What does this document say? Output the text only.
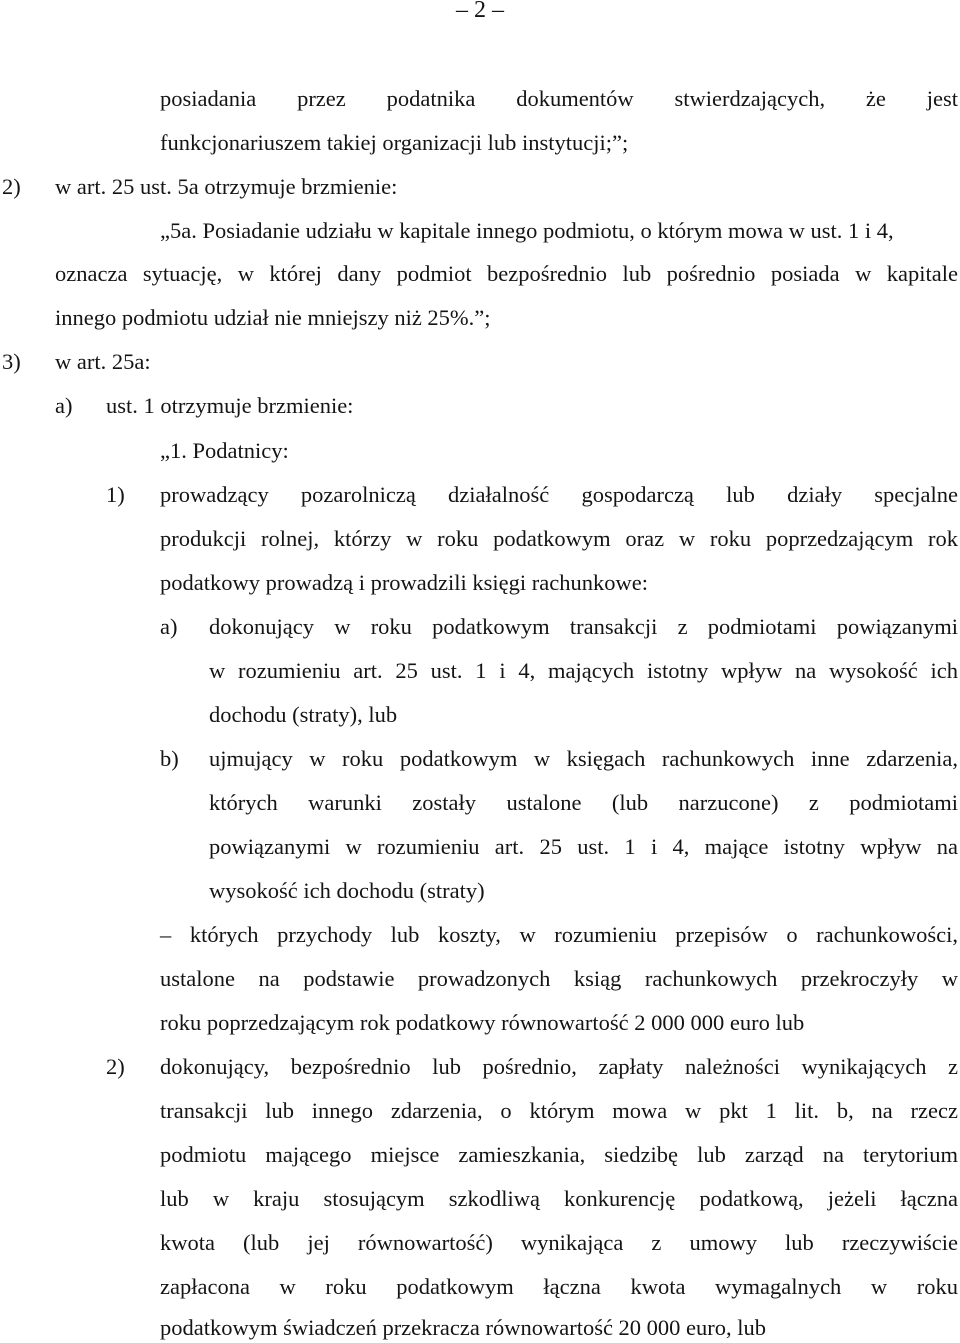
– 2 –
posiadania przez podatnika dokumentów stwierdzających, że jest
funkcjonariuszem takiej organizacji lub instytucji;”;
2) w art. 25 ust. 5a otrzymuje brzmienie:
„5a. Posiadanie udziału w kapitale innego podmiotu, o którym mowa w ust. 1 i 4,
oznacza sytuację, w której dany podmiot bezpośrednio lub pośrednio posiada w kapitale
innego podmiotu udział nie mniejszy niż 25%.”;
3) w art. 25a:
a) ust. 1 otrzymuje brzmienie:
„1. Podatnicy:
1) prowadzący pozarolniczą działalność gospodarczą lub działy specjalne
produkcji rolnej, którzy w roku podatkowym oraz w roku poprzedzającym rok
podatkowy prowadzą i prowadzili księgi rachunkowe:
a) dokonujący w roku podatkowym transakcji z podmiotami powiązanymi
w rozumieniu art. 25 ust. 1 i 4, mających istotny wpływ na wysokość ich
dochodu (straty), lub
b) ujmujący w roku podatkowym w księgach rachunkowych inne zdarzenia,
których warunki zostały ustalone (lub narzucone) z podmiotami
powiązanymi w rozumieniu art. 25 ust. 1 i 4, mające istotny wpływ na
wysokość ich dochodu (straty)
– których przychody lub koszty, w rozumieniu przepisów o rachunkowości,
ustalone na podstawie prowadzonych ksiąg rachunkowych przekroczyły w
roku poprzedzającym rok podatkowy równowartość 2 000 000 euro lub
2) dokonujący, bezpośrednio lub pośrednio, zapłaty należności wynikających z
transakcji lub innego zdarzenia, o którym mowa w pkt 1 lit. b, na rzecz
podmiotu mającego miejsce zamieszkania, siedzibę lub zarząd na terytorium
lub w kraju stosującym szkodliwą konkurencję podatkową, jeżeli łączna
kwota (lub jej równowartość) wynikająca z umowy lub rzeczywiście
zapłacona w roku podatkowym łączna kwota wymagalnych w roku
podatkowym świadczeń przekracza równowartość 20 000 euro, lub
